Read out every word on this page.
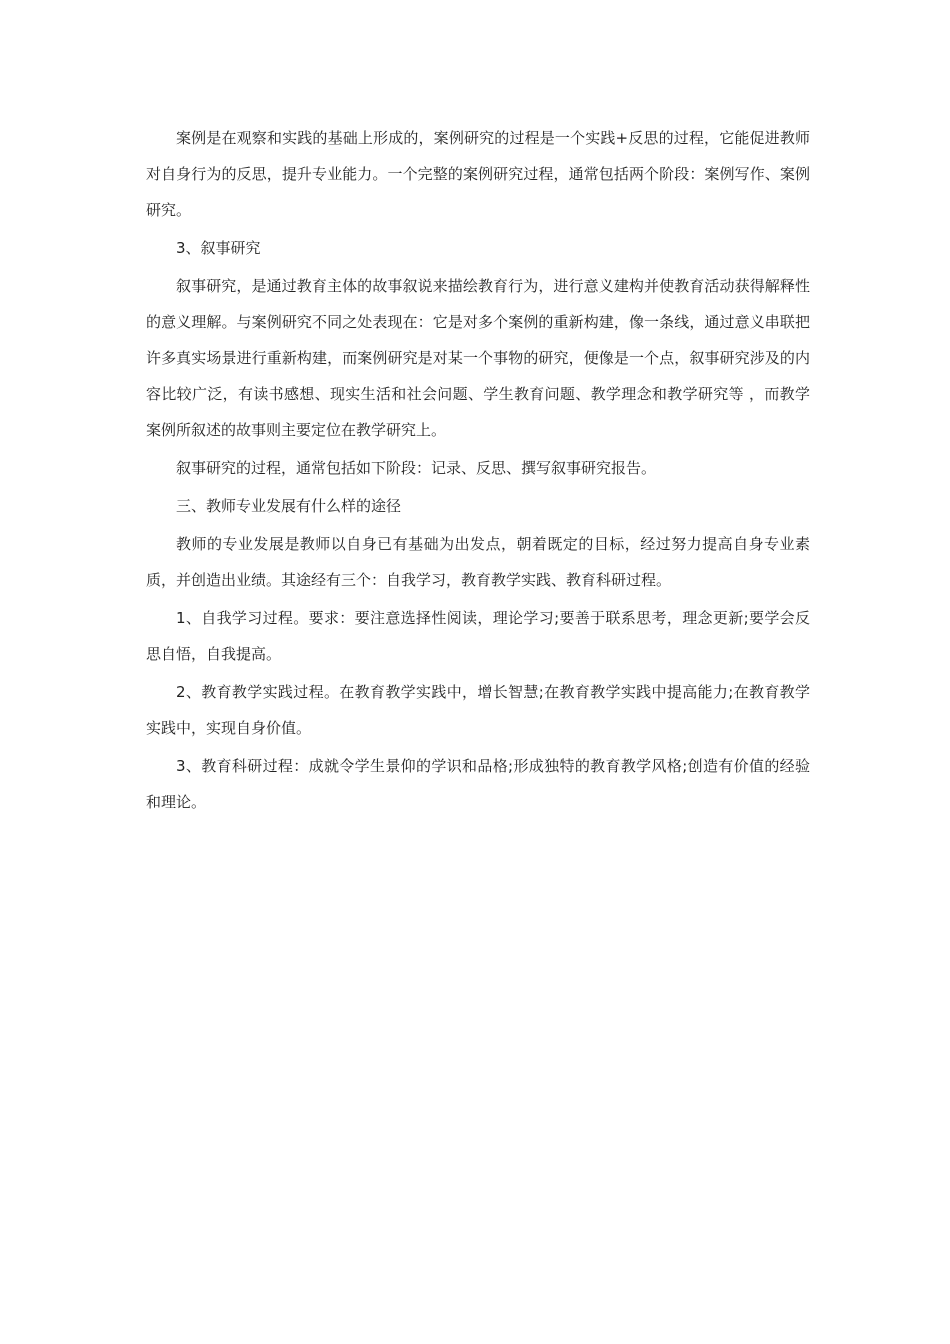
案例是在观察和实践的基础上形成的，案例研究的过程是一个实践+反思的过程，它能促进教师对自身行为的反思，提升专业能力。一个完整的案例研究过程，通常包括两个阶段：案例写作、案例研究。

3、叙事研究

叙事研究，是通过教育主体的故事叙说来描绘教育行为，进行意义建构并使教育活动获得解释性的意义理解。与案例研究不同之处表现在：它是对多个案例的重新构建，像一条线，通过意义串联把许多真实场景进行重新构建，而案例研究是对某一个事物的研究，便像是一个点，叙事研究涉及的内容比较广泛，有读书感想、现实生活和社会问题、学生教育问题、教学理念和教学研究等 ，而教学案例所叙述的故事则主要定位在教学研究上。

叙事研究的过程，通常包括如下阶段：记录、反思、撰写叙事研究报告。

三、教师专业发展有什么样的途径

教师的专业发展是教师以自身已有基础为出发点，朝着既定的目标，经过努力提高自身专业素质，并创造出业绩。其途经有三个：自我学习，教育教学实践、教育科研过程。

1、自我学习过程。要求：要注意选择性阅读，理论学习;要善于联系思考，理念更新;要学会反思自悟，自我提高。

2、教育教学实践过程。在教育教学实践中，增长智慧;在教育教学实践中提高能力;在教育教学实践中，实现自身价值。

3、教育科研过程：成就令学生景仰的学识和品格;形成独特的教育教学风格;创造有价值的经验和理论。
